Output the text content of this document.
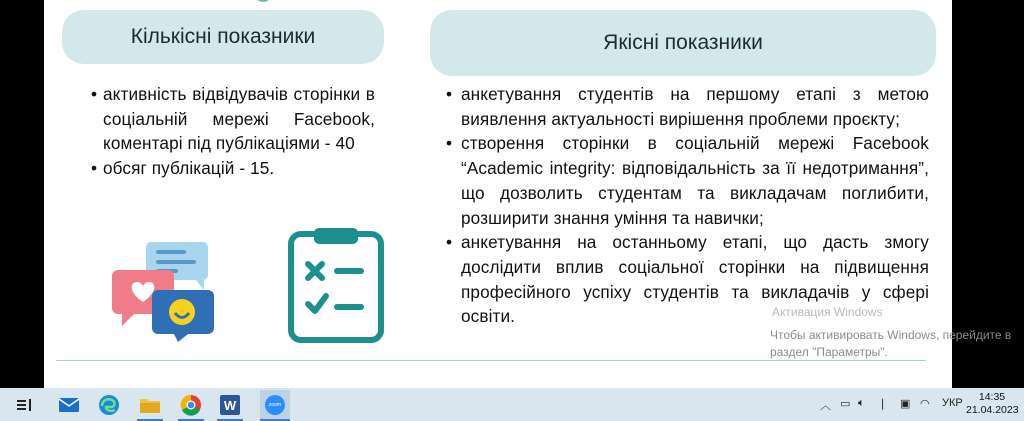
Кількісні показники	Якісні показники
• активність відвідувачів сторінки в соціальній мережі Facebook, коментарі під публікаціями - 40
• обсяг публікацій - 15.
• анкетування студентів на першому етапі з метою виявлення актуальності вирішення проблеми проєкту;
• створення сторінки в соціальній мережі Facebook “Academic integrity: відповідальність за її недотримання”, що дозволить студентам та викладачам поглибити, розширити знання уміння та навички;
• анкетування на останньому етапі, що дасть змогу дослідити вплив соціальної сторінки на підвищення професійного успіху студентів та викладачів у сфері освіти.	Активация Windows
Чтобы активировать Windows, перейдите в
раздел "Параметры".
W	zoom	︿ ▭ 🔈︎ ❘ ▣ ◠ УКР	14:35
21.04.2023
